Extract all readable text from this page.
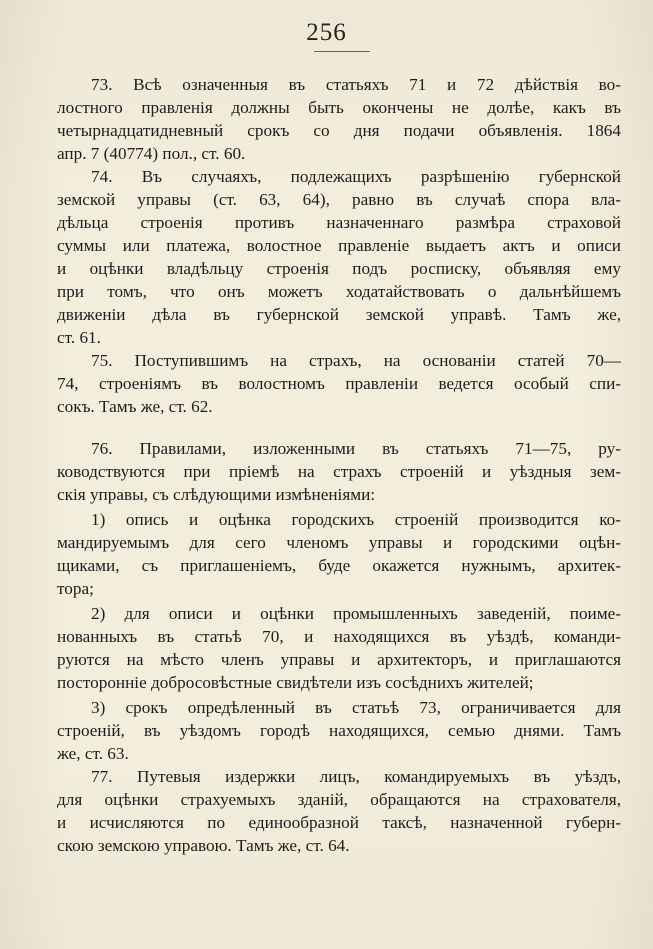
256
73. Всѣ означенныя въ статьяхъ 71 и 72 дѣйствія во-
лостного правленія должны быть окончены не долѣе, какъ въ
четырнадцатидневный срокъ со дня подачи объявленія. 1864
апр. 7 (40774) пол., ст. 60.
74. Въ случаяхъ, подлежащихъ разрѣшенію губернской
земской управы (ст. 63, 64), равно въ случаѣ спора вла-
дѣльца строенія противъ назначеннаго размѣра страховой
суммы или платежа, волостное правленіе выдаетъ актъ и описи
и оцѣнки владѣльцу строенія подъ росписку, объявляя ему
при томъ, что онъ можетъ ходатайствовать о дальнѣйшемъ
движеніи дѣла въ губернской земской управѣ. Тамъ же,
ст. 61.
75. Поступившимъ на страхъ, на основаніи статей 70—
74, строеніямъ въ волостномъ правленіи ведется особый спи-
сокъ. Тамъ же, ст. 62.
76. Правилами, изложенными въ статьяхъ 71—75, ру-
ководствуются при пріемѣ на страхъ строеній и уѣздныя зем-
скія управы, съ слѣдующими измѣненіями:
1) опись и оцѣнка городскихъ строеній производится ко-
мандируемымъ для сего членомъ управы и городскими оцѣн-
щиками, съ приглашеніемъ, буде окажется нужнымъ, архитек-
тора;
2) для описи и оцѣнки промышленныхъ заведеній, поиме-
нованныхъ въ статьѣ 70, и находящихся въ уѣздѣ, команди-
руются на мѣсто членъ управы и архитекторъ, и приглашаются
посторонніе добросовѣстные свидѣтели изъ сосѣднихъ жителей;
3) срокъ опредѣленный въ статьѣ 73, ограничивается для
строеній, въ уѣздомъ городѣ находящихся, семью днями. Тамъ
же, ст. 63.
77. Путевыя издержки лицъ, командируемыхъ въ уѣздъ,
для оцѣнки страхуемыхъ зданій, обращаются на страхователя,
и исчисляются по единообразной таксѣ, назначенной губерн-
скою земскою управою. Тамъ же, ст. 64.
